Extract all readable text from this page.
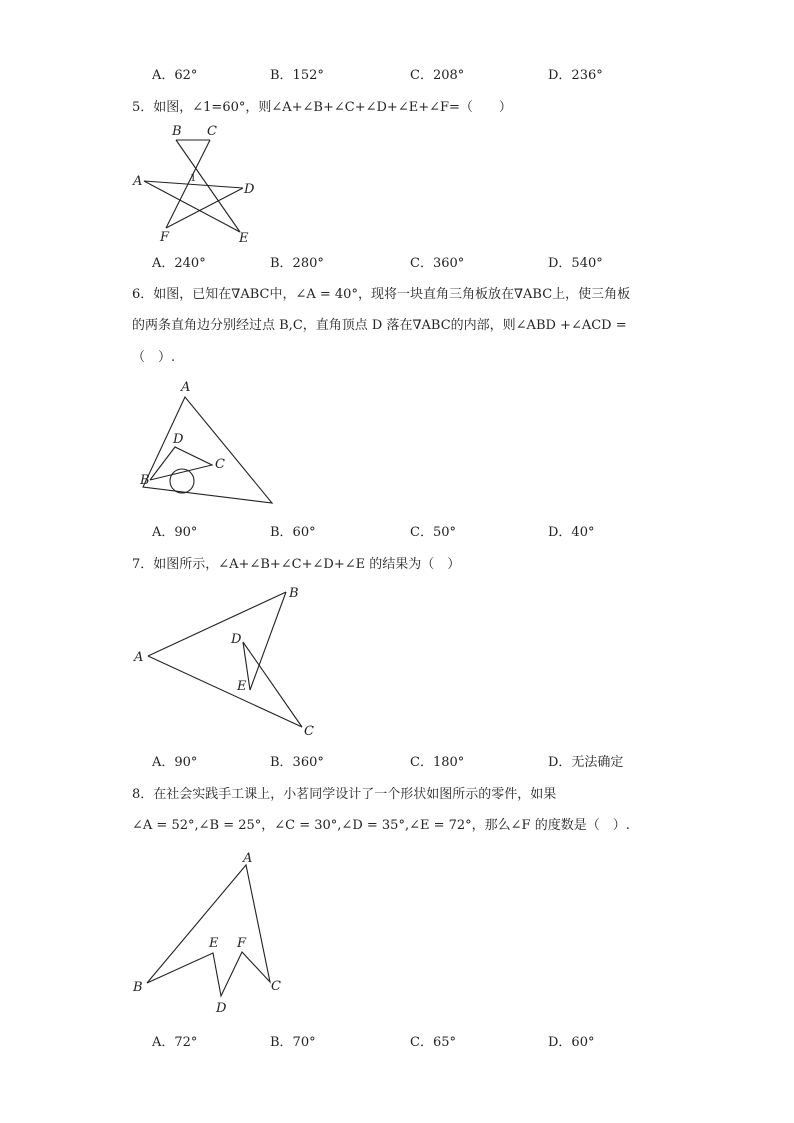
A．62°	B．152°	C．208°	D．236°
5．如图，∠1=60°，则∠A+∠B+∠C+∠D+∠E+∠F=（　　）
B C
A
D
F	E
1
A．240°	B．280°	C．360°	D．540°
6．如图，已知在∇ABC中，∠A = 40°，现将一块直角三角板放在∇ABC上，使三角板
的两条直角边分别经过点 B,C，直角顶点 D 落在∇ABC的内部，则∠ABD +∠ACD =
（　）.
A
D
C
B
A．90°	B．60°	C．50°	D．40°
7．如图所示，∠A+∠B+∠C+∠D+∠E 的结果为（　）
A
B
D
E
C
A．90°	B．360°	C．180°	D．无法确定
8．在社会实践手工课上，小茗同学设计了一个形状如图所示的零件，如果
∠A = 52°,∠B = 25°，∠C = 30°,∠D = 35°,∠E = 72°，那么∠F 的度数是（　）.
A
B
E F
D
C
A．72°	B．70°	C．65°	D．60°
